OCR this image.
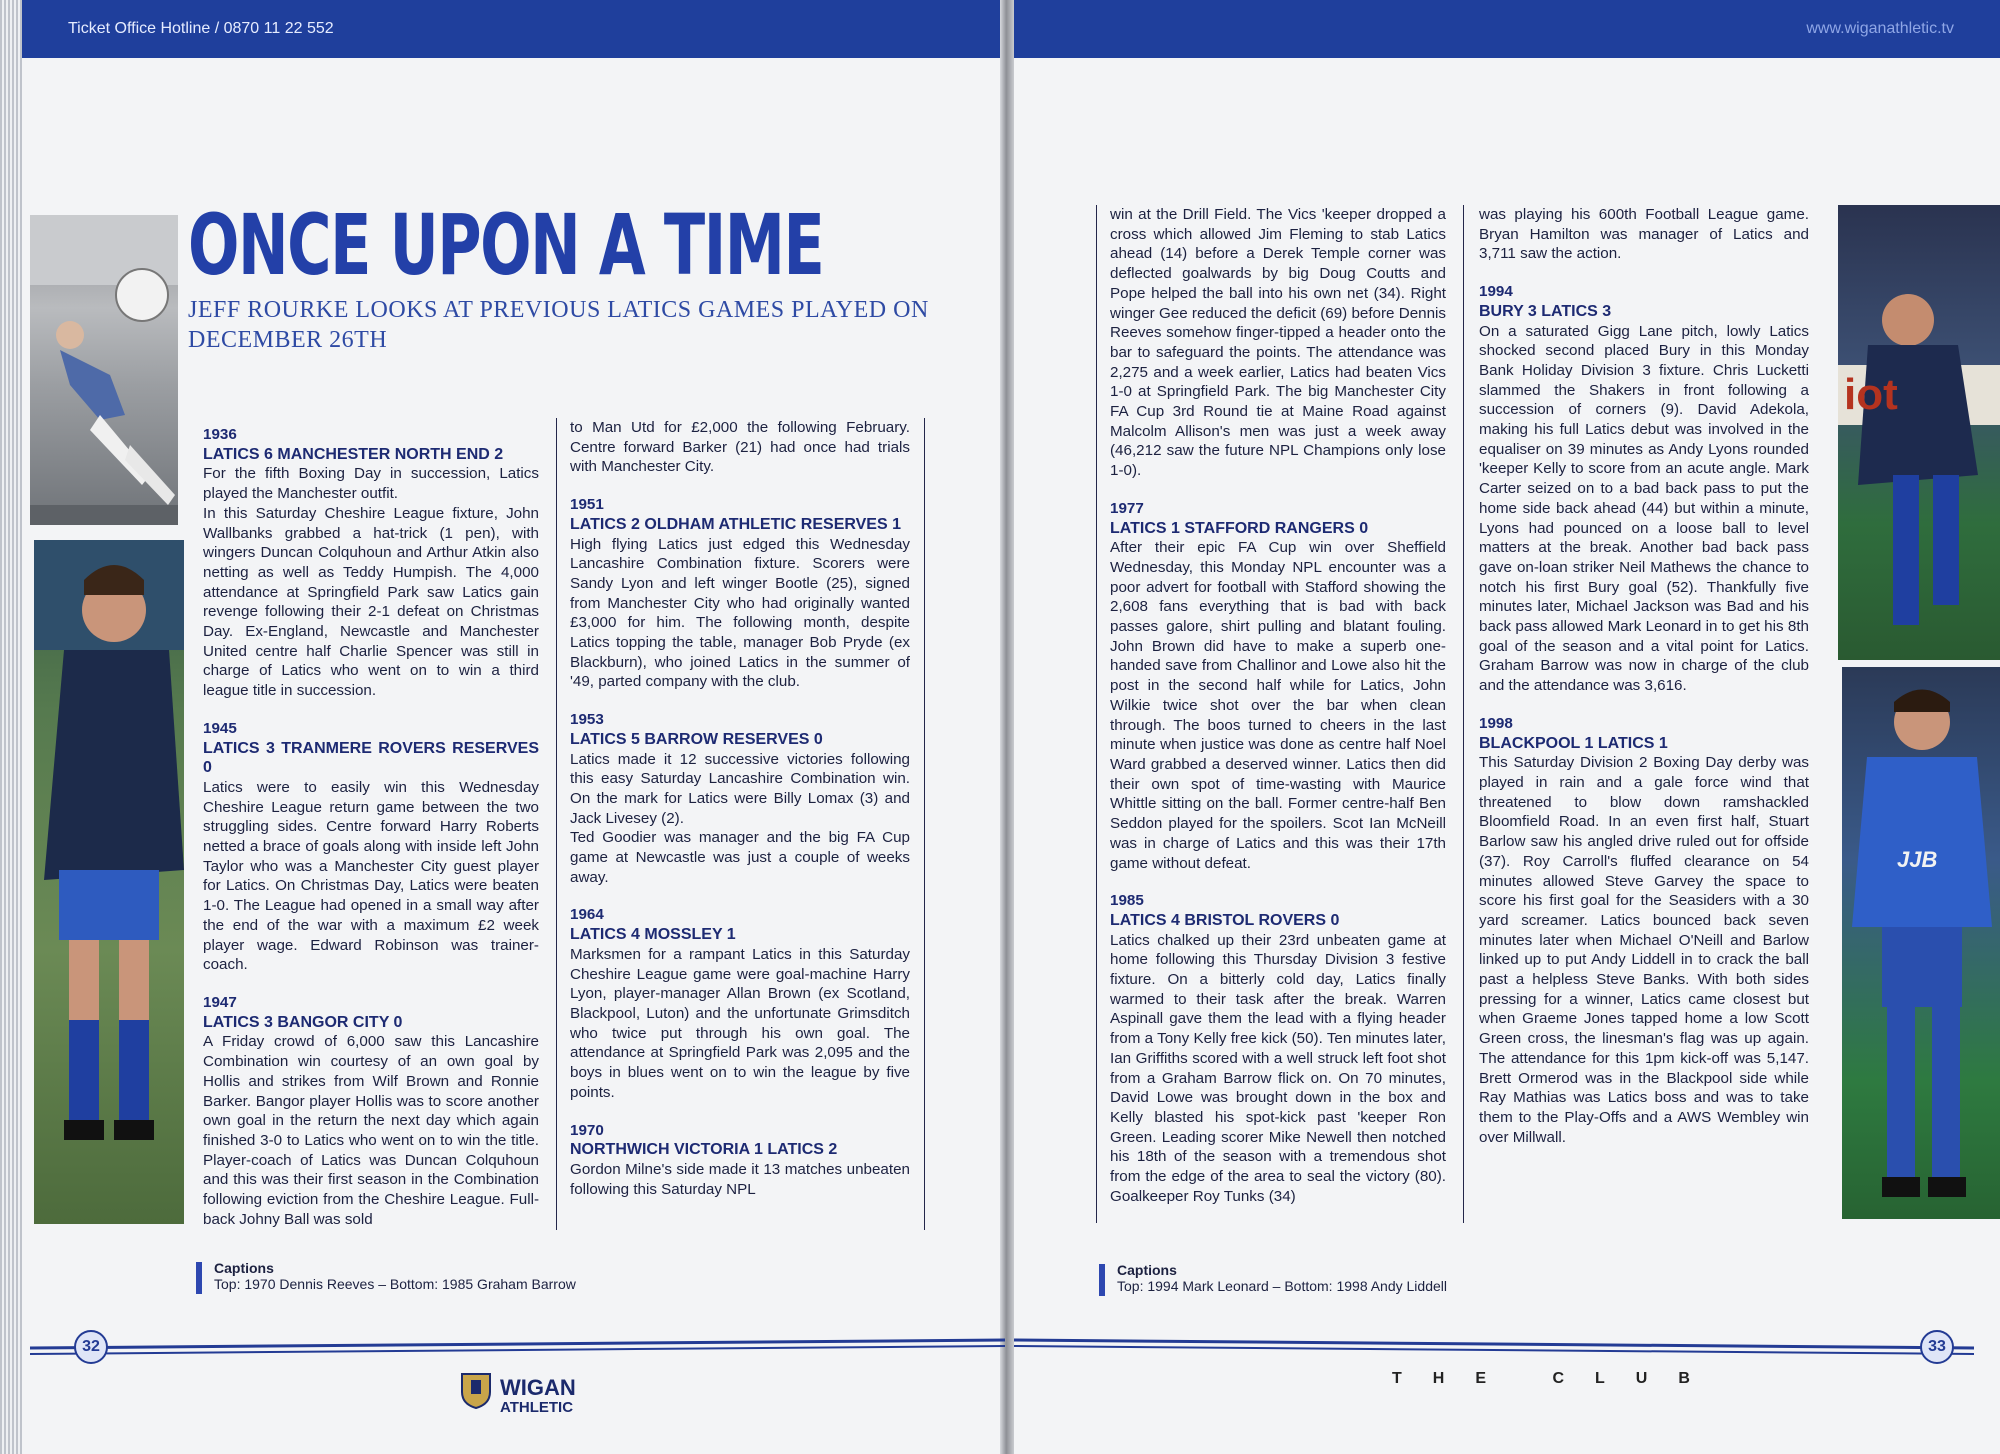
Ticket Office Hotline / 0870 11 22 552	www.wiganathletic.tv
iot
JJB
ONCE UPON A TIME
JEFF ROURKE LOOKS AT PREVIOUS LATICS GAMES PLAYED ON DECEMBER 26TH
1936
LATICS 6 MANCHESTER NORTH END 2

For the fifth Boxing Day in succession, Latics played the Manchester outfit.

In this Saturday Cheshire League fixture, John Wallbanks grabbed a hat-trick (1 pen), with wingers Duncan Colquhoun and Arthur Atkin also netting as well as Teddy Humpish. The 4,000 attendance at Springfield Park saw Latics gain revenge following their 2-1 defeat on Christmas Day. Ex-England, Newcastle and Manchester United centre half Charlie Spencer was still in charge of Latics who went on to win a third league title in succession.

1945
LATICS 3 TRANMERE ROVERS RESERVES 0

Latics were to easily win this Wednesday Cheshire League return game between the two struggling sides. Centre forward Harry Roberts netted a brace of goals along with inside left John Taylor who was a Manchester City guest player for Latics. On Christmas Day, Latics were beaten 1-0. The League had opened in a small way after the end of the war with a maximum £2 week player wage. Edward Robinson was trainer-coach.

1947
LATICS 3 BANGOR CITY 0

A Friday crowd of 6,000 saw this Lancashire Combination win courtesy of an own goal by Hollis and strikes from Wilf Brown and Ronnie Barker. Bangor player Hollis was to score another own goal in the return the next day which again finished 3-0 to Latics who went on to win the title. Player-coach of Latics was Duncan Colquhoun and this was their first season in the Combination following eviction from the Cheshire League. Full-back Johny Ball was sold

to Man Utd for £2,000 the following February. Centre forward Barker (21) had once had trials with Manchester City.

1951
LATICS 2 OLDHAM ATHLETIC RESERVES 1

High flying Latics just edged this Wednesday Lancashire Combination fixture. Scorers were Sandy Lyon and left winger Bootle (25), signed from Manchester City who had originally wanted £3,000 for him. The following month, despite Latics topping the table, manager Bob Pryde (ex Blackburn), who joined Latics in the summer of '49, parted company with the club.

1953
LATICS 5 BARROW RESERVES 0

Latics made it 12 successive victories following this easy Saturday Lancashire Combination win. On the mark for Latics were Billy Lomax (3) and Jack Livesey (2).

Ted Goodier was manager and the big FA Cup game at Newcastle was just a couple of weeks away.

1964
LATICS 4 MOSSLEY 1

Marksmen for a rampant Latics in this Saturday Cheshire League game were goal-machine Harry Lyon, player-manager Allan Brown (ex Scotland, Blackpool, Luton) and the unfortunate Grimsditch who twice put through his own goal. The attendance at Springfield Park was 2,095 and the boys in blues went on to win the league by five points.

1970
NORTHWICH VICTORIA 1 LATICS 2

Gordon Milne's side made it 13 matches unbeaten following this Saturday NPL

win at the Drill Field. The Vics 'keeper dropped a cross which allowed Jim Fleming to stab Latics ahead (14) before a Derek Temple corner was deflected goalwards by big Doug Coutts and Pope helped the ball into his own net (34). Right winger Gee reduced the deficit (69) before Dennis Reeves somehow finger-tipped a header onto the bar to safeguard the points. The attendance was 2,275 and a week earlier, Latics had beaten Vics 1-0 at Springfield Park. The big Manchester City FA Cup 3rd Round tie at Maine Road against Malcolm Allison's men was just a week away (46,212 saw the future NPL Champions only lose 1-0).

1977
LATICS 1 STAFFORD RANGERS 0

After their epic FA Cup win over Sheffield Wednesday, this Monday NPL encounter was a poor advert for football with Stafford showing the 2,608 fans everything that is bad with back passes galore, shirt pulling and blatant fouling. John Brown did have to make a superb one-handed save from Challinor and Lowe also hit the post in the second half while for Latics, John Wilkie twice shot over the bar when clean through. The boos turned to cheers in the last minute when justice was done as centre half Noel Ward grabbed a deserved winner. Latics then did their own spot of time-wasting with Maurice Whittle sitting on the ball. Former centre-half Ben Seddon played for the spoilers. Scot Ian McNeill was in charge of Latics and this was their 17th game without defeat.

1985
LATICS 4 BRISTOL ROVERS 0

Latics chalked up their 23rd unbeaten game at home following this Thursday Division 3 festive fixture. On a bitterly cold day, Latics finally warmed to their task after the break. Warren Aspinall gave them the lead with a flying header from a Tony Kelly free kick (50). Ten minutes later, Ian Griffiths scored with a well struck left foot shot from a Graham Barrow flick on. On 70 minutes, David Lowe was brought down in the box and Kelly blasted his spot-kick past 'keeper Ron Green. Leading scorer Mike Newell then notched his 18th of the season with a tremendous shot from the edge of the area to seal the victory (80). Goalkeeper Roy Tunks (34)

was playing his 600th Football League game. Bryan Hamilton was manager of Latics and 3,711 saw the action.

1994
BURY 3 LATICS 3

On a saturated Gigg Lane pitch, lowly Latics shocked second placed Bury in this Monday Bank Holiday Division 3 fixture. Chris Lucketti slammed the Shakers in front following a succession of corners (9). David Adekola, making his full Latics debut was involved in the equaliser on 39 minutes as Andy Lyons rounded 'keeper Kelly to score from an acute angle. Mark Carter seized on to a bad back pass to put the home side back ahead (44) but within a minute, Lyons had pounced on a loose ball to level matters at the break. Another bad back pass gave on-loan striker Neil Mathews the chance to notch his first Bury goal (52). Thankfully five minutes later, Michael Jackson was Bad and his back pass allowed Mark Leonard in to get his 8th goal of the season and a vital point for Latics. Graham Barrow was now in charge of the club and the attendance was 3,616.

1998
BLACKPOOL 1 LATICS 1

This Saturday Division 2 Boxing Day derby was played in rain and a gale force wind that threatened to blow down ramshackled Bloomfield Road. In an even first half, Stuart Barlow saw his angled drive ruled out for offside (37). Roy Carroll's fluffed clearance on 54 minutes allowed Steve Garvey the space to score his first goal for the Seasiders with a 30 yard screamer. Latics bounced back seven minutes later when Michael O'Neill and Barlow linked up to put Andy Liddell in to crack the ball past a helpless Steve Banks. With both sides pressing for a winner, Latics came closest but when Graeme Jones tapped home a low Scott Green cross, the linesman's flag was up again. The attendance for this 1pm kick-off was 5,147. Brett Ormerod was in the Blackpool side while Ray Mathias was Latics boss and was to take them to the Play-Offs and a AWS Wembley win over Millwall.

Captions
Top: 1970 Dennis Reeves – Bottom: 1985 Graham Barrow
Captions
Top: 1994 Mark Leonard – Bottom: 1998 Andy Liddell
32	33
WIGAN
ATHLETIC
THE CLUB
